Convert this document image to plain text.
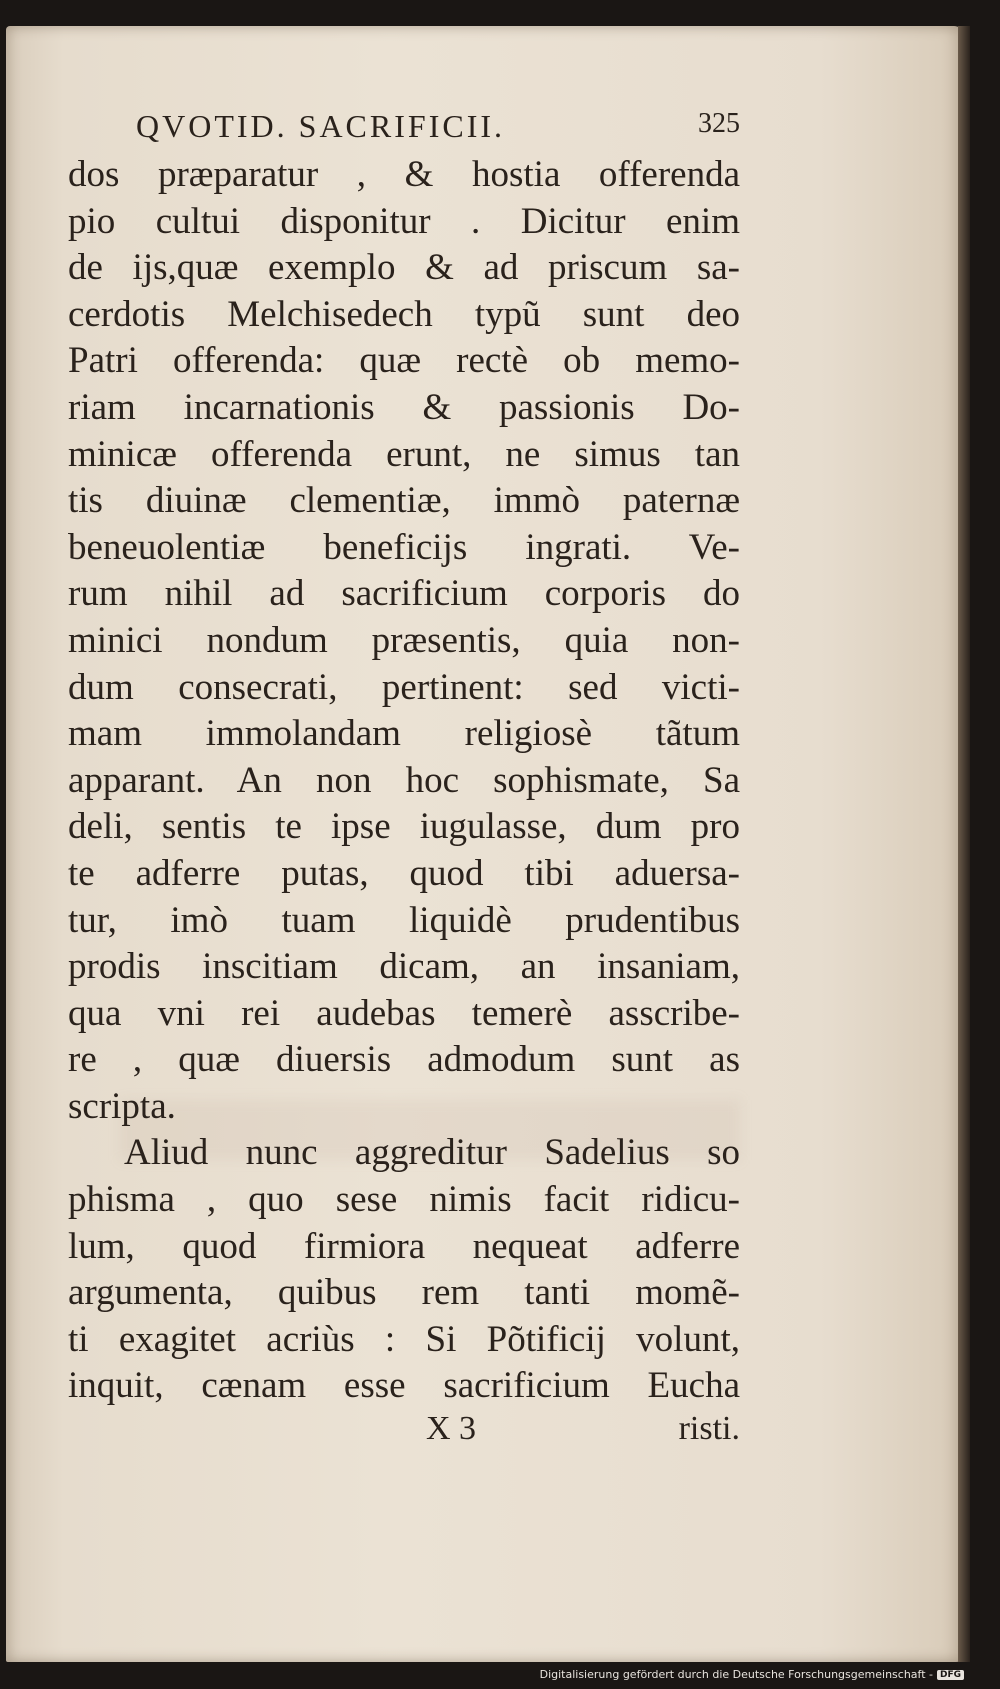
QVOTID. SACRIFICII.	325
dos præparatur , & hostia offerenda
pio cultui disponitur . Dicitur enim
de ijs,quæ exemplo & ad priscum sa-
cerdotis Melchisedech typũ sunt deo
Patri offerenda: quæ rectè ob memo-
riam incarnationis & passionis Do-
minicæ offerenda erunt, ne simus tan
tis diuinæ clementiæ, immò paternæ
beneuolentiæ beneficijs ingrati. Ve-
rum nihil ad sacrificium corporis do
minici nondum præsentis, quia non-
dum consecrati, pertinent: sed victi-
mam immolandam religiosè tãtum
apparant. An non hoc sophismate, Sa
deli, sentis te ipse iugulasse, dum pro
te adferre putas, quod tibi aduersa-
tur, imò tuam liquidè prudentibus
prodis inscitiam dicam, an insaniam,
qua vni rei audebas temerè asscribe-
re , quæ diuersis admodum sunt as
scripta.
Aliud nunc aggreditur Sadelius so
phisma , quo sese nimis facit ridicu-
lum, quod firmiora nequeat adferre
argumenta, quibus rem tanti momẽ-
ti exagitet acriùs : Si Põtificij volunt,
inquit, cænam esse sacrificium Eucha
X 3	risti.
Digitalisierung gefördert durch die Deutsche Forschungsgemeinschaft - DFG
